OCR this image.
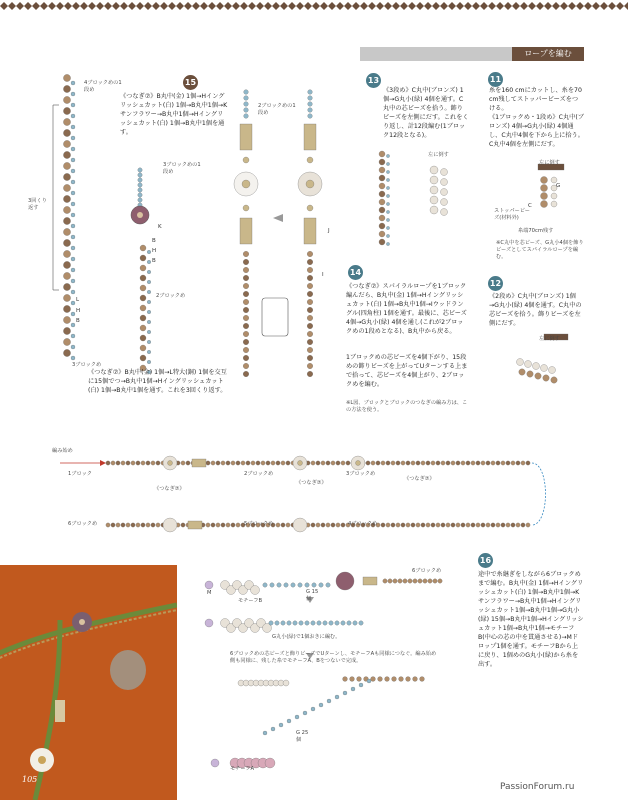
ロープを編む
15
4ブロックめの1段め
《つなぎ⑦》B丸中(金) 1個→Hイングリッシュカット(白) 1個→B丸中1個→Kサンフラワー→B丸中1個→Hイングリッシュカット(白) 1個→B丸中1個を通す。
3ブロックめの1段め
3回くり返す
2ブロックめ
3ブロックめ
K
B
H
B
L
H
B
《つなぎ⑦》B丸中(金) 1個→L特大(銅) 1個を交互に15個でつ→B丸中1個→Hイングリッシュカット(白) 1個→B丸中1個を通す。これを3回くり返す。
2ブロックめの1段め
J
I
13
《3段め》C丸中(ブロンズ) 1個→G丸小(緑) 4個を通す。C丸中の芯ビーズを拾う。飾りビーズを左側にだす。これをくり返し、計12段編む(1ブロック12段となる)。
左に倒す
11
糸を160 cmにカットし、糸を70 cm残してストッパービーズをつける。
《1ブロックめ・1段め》C丸中(ブロンズ) 4個→G丸小(緑) 4個通し、C丸中4個を下から上に拾う。C丸中4個を左側にだす。
左に倒す
ストッパービーズ(材料外)
糸端70cm残す
G
C
※C丸中を芯ビーズ、G丸小4個を飾りビーズとしてスパイラルロープを編む。
14
《つなぎ⑦》スパイラルロープを1ブロック編んだら、B丸中(金) 1個→Hイングリッシュカット(白) 1個→B丸中1個→Iウッドラングル(四角柱) 1個を通す。最後に、芯ビーズ4個→G丸小(緑) 4個を通し(これが2ブロックめの1段めとなる)、B丸中から戻る。
1ブロックめの芯ビーズを4個下がり、15段めの飾りビーズを上がってUターンする上まで拾って、芯ビーズを4個上がり、2ブロックめを編む。
※L図、ブロックとブロックのつなぎの編み方は、この方法を使う。
12
《2段め》C丸中(ブロンズ) 1個→G丸小(緑) 4個を通す。C丸中の芯ビーズを拾う。飾りビーズを左側にだす。
左に倒す
編み始め
1ブロック
《つなぎ⑦》
2ブロックめ
《つなぎ⑦》
3ブロックめ
《つなぎ⑦》
6ブロックめ	5ブロックめ	4ブロックめ
105
6ブロックめ
M
モチーフB
G 15個
G丸小(緑)で1個おきに編む。
6ブロックめの芯ビーズと飾りビーズでUターンし、モチーフAも同様につなぐ。編み始め側も同様に、残した糸でモチーフA、Bをつないで完成。
G 25個
モチーフA
16
途中で糸継ぎをしながら6ブロックめまで編む。B丸中(金) 1個→Hイングリッシュカット(白) 1個→B丸中1個→Kサンフラワー→B丸中1個→Hイングリッシュカット1個→B丸中1個→G丸小(緑) 15個→B丸中1個→Hイングリッシュカット1個→B丸中1個→モチーフB(中心の芯の中を貫通させる)→Mドロップ1個を通す。モチーフBから上に戻り、1個めのG丸小(緑)から糸を出す。
PassionForum.ru
